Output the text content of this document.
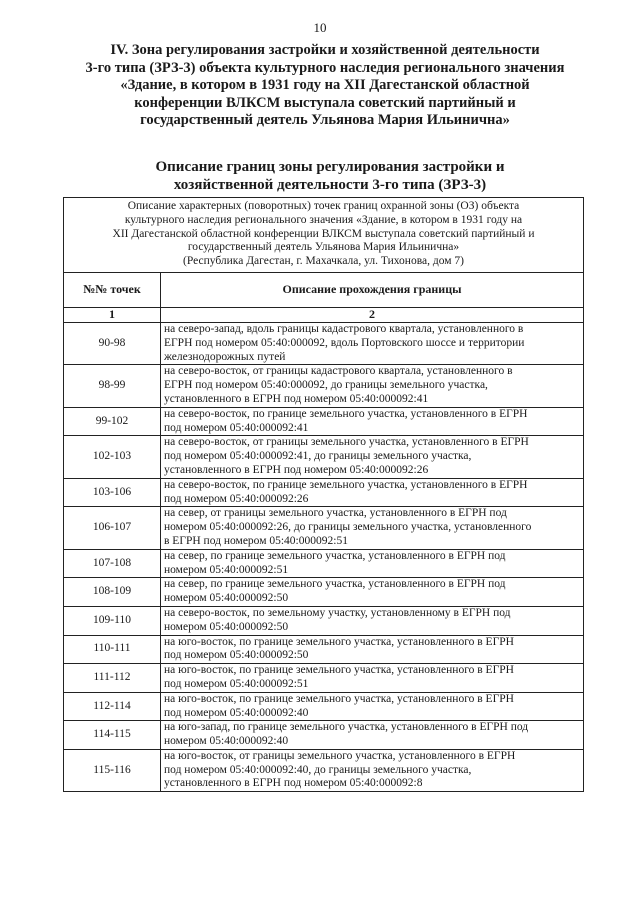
10
IV. Зона регулирования застройки и хозяйственной деятельности
3-го типа (ЗРЗ-3) объекта культурного наследия регионального значения
«Здание, в котором в 1931 году на XII Дагестанской областной
конференции ВЛКСМ выступала советский партийный и
государственный деятель Ульянова Мария Ильинична»
Описание границ зоны регулирования застройки и
хозяйственной деятельности 3-го типа (ЗРЗ-3)
Описание характерных (поворотных) точек границ охранной зоны (ОЗ) объекта
культурного наследия регионального значения «Здание, в котором в 1931 году на
XII Дагестанской областной конференции ВЛКСМ выступала советский партийный и
государственный деятель Ульянова Мария Ильинична»
(Республика Дагестан, г. Махачкала, ул. Тихонова, дом 7)	

№№ точек	Описание прохождения границы
1	2
90-98	на северо-запад, вдоль границы кадастрового квартала, установленного в
ЕГРН под номером 05:40:000092, вдоль Портовского шоссе и территории
железнодорожных путей

98-99	на северо-восток, от границы кадастрового квартала, установленного в
ЕГРН под номером 05:40:000092, до границы земельного участка,
установленного в ЕГРН под номером 05:40:000092:41

99-102	на северо-восток, по границе земельного участка, установленного в ЕГРН
под номером 05:40:000092:41

102-103	на северо-восток, от границы земельного участка, установленного в ЕГРН
под номером 05:40:000092:41, до границы земельного участка,
установленного в ЕГРН под номером 05:40:000092:26

103-106	на северо-восток, по границе земельного участка, установленного в ЕГРН
под номером 05:40:000092:26

106-107	на север, от границы земельного участка, установленного в ЕГРН под
номером 05:40:000092:26, до границы земельного участка, установленного
в ЕГРН под номером 05:40:000092:51

107-108	на север, по границе земельного участка, установленного в ЕГРН под
номером 05:40:000092:51

108-109	на север, по границе земельного участка, установленного в ЕГРН под
номером 05:40:000092:50

109-110	на северо-восток, по земельному участку, установленному в ЕГРН под
номером 05:40:000092:50

110-111	на юго-восток, по границе земельного участка, установленного в ЕГРН
под номером 05:40:000092:50

111-112	на юго-восток, по границе земельного участка, установленного в ЕГРН
под номером 05:40:000092:51

112-114	на юго-восток, по границе земельного участка, установленного в ЕГРН
под номером 05:40:000092:40

114-115	на юго-запад, по границе земельного участка, установленного в ЕГРН под
номером 05:40:000092:40

115-116	на юго-восток, от границы земельного участка, установленного в ЕГРН
под номером 05:40:000092:40, до границы земельного участка,
установленного в ЕГРН под номером 05:40:000092:8
